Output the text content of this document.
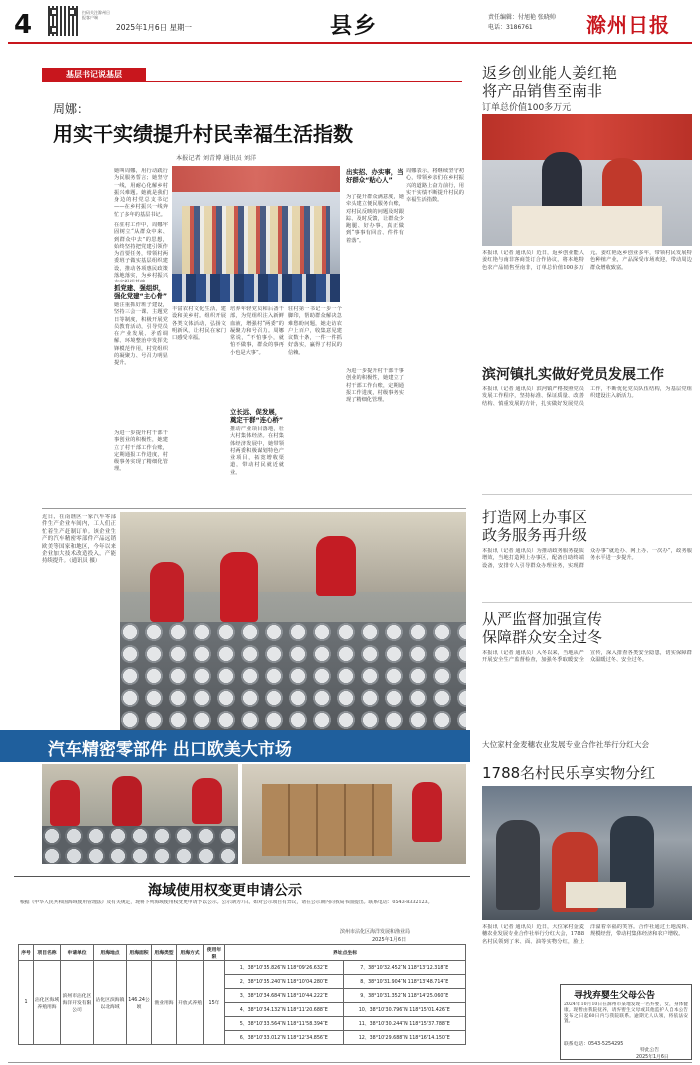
4	扫码关注滁州日报客户端
2025年1月6日 星期一	县乡	责任编辑：付旭艳 张晓帅
电话：3186761	滁州日报
基层书记说基层
周娜：
用实干实绩提升村民幸福生活指数
本报记者 刘青博 通讯员 刘洋
她叫周娜，用行动践行为民服务誓言；她坚守一线，用耐心化解乡村振兴难题。她就是我们身边的村党总支书记——在乡村振兴一线奔忙了多年的基层书记。
在驻村工作中，周娜牢固树立“从群众中来、到群众中去”的思想，始终坚持把党建引领作为首要任务，带领村两委班子做实基层组织建设，推动各项惠民政策落地落实，为乡村振兴
抓党建、强组织，强化党建“主心骨”
她注重抓好班子建设，坚持三会一课、主题党日等制度，积极开展党员教育活动，引导党员在产业发展、矛盾调解、环境整治中发挥先锋模范作用，村党组织的凝聚力、号召力明显提升。
为进一步提升村干部干事创业的积极性，她建立了村干部工作台账，定期通报工作进度，村级事务实现了精细化管理。
培养年轻党员和后备干部，为党组织注入新鲜血液，增强村“两委”的凝聚力和号召力。周娜常说，“不怕事小，就怕不做事，群众的事再小也是大事”。
立长远、促发展，奠定干群“连心桥”
推动产业项目落地，壮大村集体经济。在村集体经济发展中，她带领村两委积极谋划特色产业项目，拓宽增收渠道，带动村民就近就业。
丰富农村文化生活，建设和美乡村。组织开展各类文体活动，弘扬文明新风，让村民在家门口感受幸福。
驻村第一书记一步一个脚印，帮助群众解决急难愁盼问题，她走访农户上百户，收集意见建议数十条，一件一件抓好落实，赢得了村民的信赖。
出实招、办实事，当好群众“贴心人”
为了提升群众满意度，她牵头建立便民服务台账，对村民反映的问题及时跟踪、及时反馈，让群众少跑腿、好办事，真正做到“事事有回音、件件有着落”。
周娜表示，将继续坚守初心，带领乡亲们在乡村振兴的道路上奋力前行，用实干实绩不断提升村民的幸福生活指数。
为进一步提升村干部干事创业的积极性，她建立了村干部工作台账，定期通报工作进度，村级事务实现了精细化管理。
近日，在南谯区一家汽车零部件生产企业车间内，工人们正忙着生产赶制订单。该企业生产的汽车精密零部件产品远销欧美等国家和地区，今年以来企业加大技术改造投入，产能持续提升。（通讯员 摄）
汽车精密零部件 出口欧美大市场
返乡创业能人姜红艳
将产品销售至南非
订单总价值100多万元
本报讯（记者 通讯员）近日，返乡创业能人姜红艳与南非客商签订合作协议，将本地特色农产品销售至南非，订单总价值100多万元。姜红艳返乡创业多年，带领村民发展特色种植产业，产品深受市场欢迎，带动周边群众增收致富。
滨河镇扎实做好党员发展工作
本报讯（记者 通讯员）滨河镇严格按照党员发展工作程序，坚持标准、保证质量、改善结构、慎重发展的方针，扎实做好发展党员工作，不断优化党员队伍结构，为基层党组织建设注入新活力。
打造网上办事区
政务服务再升级
本报讯（记者 通讯员）为推动政务服务提质增效，当地打造网上办事区，配备自助终端设备，安排专人引导群众办理业务，实现群众办事“就近办、网上办、一次办”，政务服务水平进一步提升。
从严监督加强宣传
保障群众安全过冬
本报讯（记者 通讯员）入冬以来，当地从严开展安全生产监督检查，加强冬季取暖安全宣传，深入排查各类安全隐患，切实保障群众温暖过冬、安全过冬。
大位家村金麦穗农业发展专业合作社举行分红大会
1788名村民乐享实物分红
本报讯（记者 通讯员）近日，大位家村金麦穗农业发展专业合作社举行分红大会，1788名村民领到了米、面、油等实物分红，脸上洋溢着幸福的笑容。合作社通过土地流转、规模经营，带动村集体经济和农户增收。
海域使用权变更申请公示
根据《中华人民共和国海域使用管理法》及有关规定，现将下列海域使用权变更申请予以公示。公示期为7日。如对公示项目有异议，请在公示期内向我局书面提出。联系电话：0543-8332123。
滨州市沾化区海洋发展和渔业局
2025年1月6日
序号	项目名称	申请单位	用海地点	用海面积	用海类型	用海方式	使用年限	界址点坐标	
1	沾化区海域养殖用海	滨州市沾化区海洋开发有限公司	沾化区滨海镇以北海域	146.24公顷	渔业用海	开放式养殖	15年	1、38°10'35.826″N 118°09'26.632″E	7、38°10'32.452″N 118°13'12.318″E
								2、38°10'35.240″N 118°10'04.280″E	8、38°10'31.904″N 118°13'48.714″E
								3、38°10'34.684″N 118°10'44.222″E	9、38°10'31.352″N 118°14'25.060″E
								4、38°10'34.132″N 118°11'20.688″E	10、38°10'30.796″N 118°15'01.426″E
								5、38°10'33.564″N 118°11'58.394″E	11、38°10'30.244″N 118°15'37.788″E
								6、38°10'33.012″N 118°12'34.856″E	12、38°10'29.688″N 118°16'14.150″E
寻找弃婴生父母公告
2024年10月10日在滁州市某地发现一名弃婴，女，身体健康。现暂由我院抚养，请弃婴生父母或其他监护人自本公告发布之日起60日内与我院联系。逾期无人认领，将依法安置。
联系电话：0543-5254295
特此公告
2025年1月6日
